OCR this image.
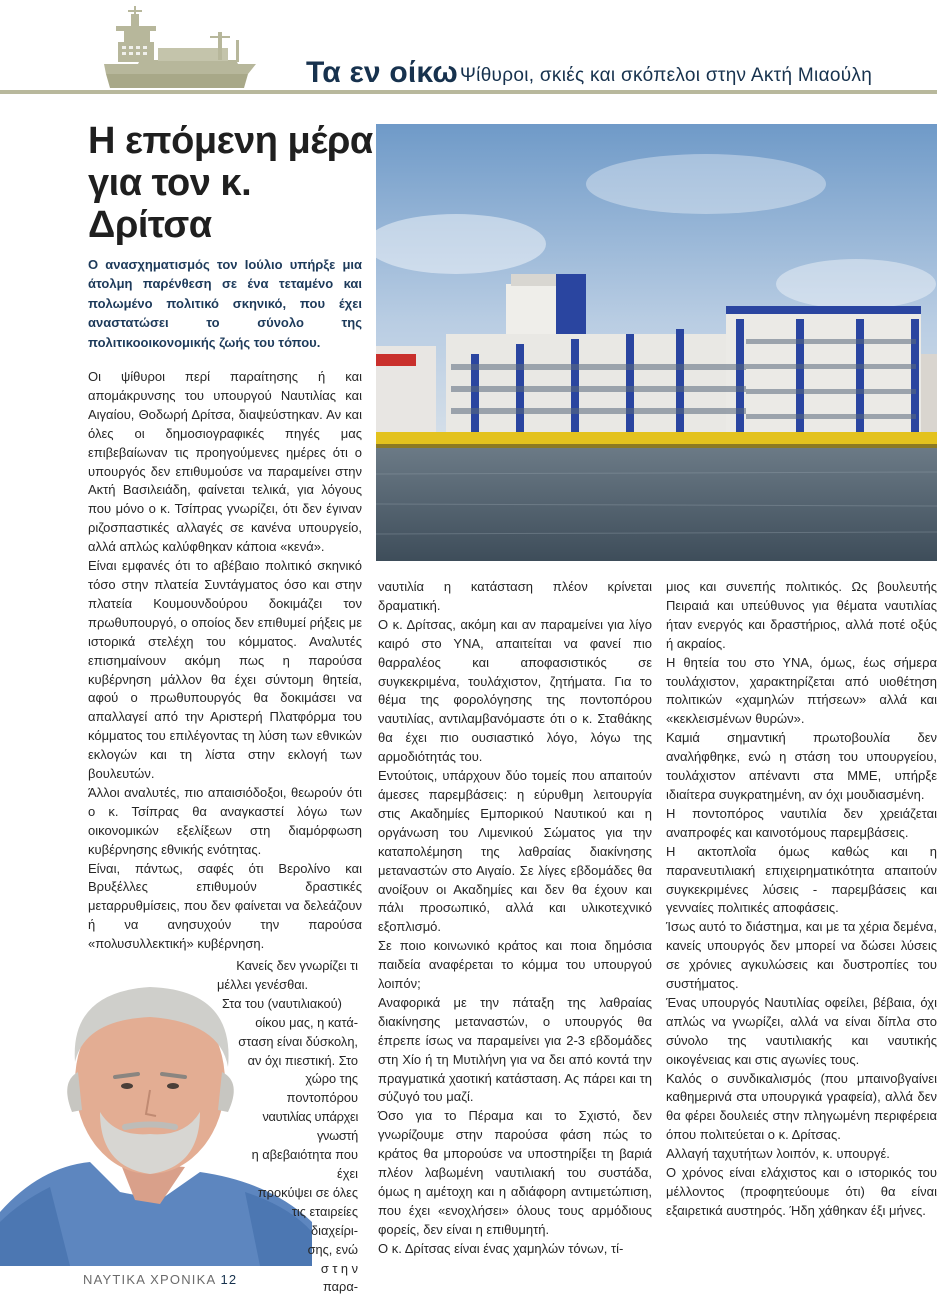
Τα εν οίκω Ψίθυροι, σκιές και σκόπελοι στην Ακτή Μιαούλη
Η επόμενη μέρα
για τον κ. Δρίτσα
Ο ανασχηματισμός τον Ιούλιο υπήρξε μια άτολμη παρένθεση σε ένα τεταμένο και πολωμένο πολιτικό σκηνικό, που έχει αναστατώσει το σύνολο της πολιτικοοικονομικής ζωής του τόπου.

Οι ψίθυροι περί παραίτησης ή και απομάκρυνσης του υπουργού Ναυτιλίας και Αιγαίου, Θοδωρή Δρίτσα, διαψεύστηκαν. Αν και όλες οι δημοσιογραφικές πηγές μας επιβεβαίωναν τις προηγούμενες ημέρες ότι ο υπουργός δεν επιθυμούσε να παραμείνει στην Ακτή Βασιλειάδη, φαίνεται τελικά, για λόγους που μόνο ο κ. Τσίπρας γνωρίζει, ότι δεν έγιναν ριζοσπαστικές αλλαγές σε κανένα υπουργείο, αλλά απλώς καλύφθηκαν κάποια «κενά».

Είναι εμφανές ότι το αβέβαιο πολιτικό σκηνικό τόσο στην πλατεία Συντάγματος όσο και στην πλατεία Κουμουνδούρου δοκιμάζει τον πρωθυπουργό, ο οποίος δεν επιθυμεί ρήξεις με ιστορικά στελέχη του κόμματος. Αναλυτές επισημαίνουν ακόμη πως η παρούσα κυβέρνηση μάλλον θα έχει σύντομη θητεία, αφού ο πρωθυπουργός θα δοκιμάσει να απαλλαγεί από την Αριστερή Πλατφόρμα του κόμματος του επιλέγοντας τη λύση των εθνικών εκλογών και τη λίστα στην εκλογή των βουλευτών.

Άλλοι αναλυτές, πιο απαισιόδοξοι, θεωρούν ότι ο κ. Τσίπρας θα αναγκαστεί λόγω των οικονομικών εξελίξεων στη διαμόρφωση κυβέρνησης εθνικής ενότητας.

Είναι, πάντως, σαφές ότι Βερολίνο και Βρυξέλλες επιθυμούν δραστικές μεταρρυθμίσεις, που δεν φαίνεται να δελεάζουν ή να ανησυχούν την παρούσα «πολυσυλλεκτική» κυβέρνηση.

Κανείς δεν γνωρίζει τι

μέλλει γενέσθαι.

Στα του (ναυτιλιακού)

οίκου μας, η κατά-

σταση είναι δύσκολη,

αν όχι πιεστική. Στο

χώρο της ποντοπόρου

ναυτιλίας υπάρχει γνωστή

η αβεβαιότητα που έχει

προκύψει σε όλες

τις εταιρείες

διαχείρι-

σης, ενώ

σ τ η ν

παρα-

ναυτιλία η κατάσταση πλέον κρίνεται δραματική.

Ο κ. Δρίτσας, ακόμη και αν παραμείνει για λίγο καιρό στο ΥΝΑ, απαιτείται να φανεί πιο θαρραλέος και αποφασιστικός σε συγκεκριμένα, τουλάχιστον, ζητήματα. Για το θέμα της φορολόγησης της ποντοπόρου ναυτιλίας, αντιλαμβανόμαστε ότι ο κ. Σταθάκης θα έχει πιο ουσιαστικό λόγο, λόγω της αρμοδιότητάς του.

Εντούτοις, υπάρχουν δύο τομείς που απαιτούν άμεσες παρεμβάσεις: η εύρυθμη λειτουργία στις Ακαδημίες Εμπορικού Ναυτικού και η οργάνωση του Λιμενικού Σώματος για την καταπολέμηση της λαθραίας διακίνησης μεταναστών στο Αιγαίο. Σε λίγες εβδομάδες θα ανοίξουν οι Ακαδημίες και δεν θα έχουν και πάλι προσωπικό, αλλά και υλικοτεχνικό εξοπλισμό.

Σε ποιο κοινωνικό κράτος και ποια δημόσια παιδεία αναφέρεται το κόμμα του υπουργού λοιπόν;

Αναφορικά με την πάταξη της λαθραίας διακίνησης μεταναστών, ο υπουργός θα έπρεπε ίσως να παραμείνει για 2-3 εβδομάδες στη Χίο ή τη Μυτιλήνη για να δει από κοντά την πραγματικά χαοτική κατάσταση. Ας πάρει και τη σύζυγό του μαζί.

Όσο για το Πέραμα και το Σχιστό, δεν γνωρίζουμε στην παρούσα φάση πώς το κράτος θα μπορούσε να υποστηρίξει τη βαριά πλέον λαβωμένη ναυτιλιακή του συστάδα, όμως η αμέτοχη και η αδιάφορη αντιμετώπιση, που έχει «ενοχλήσει» όλους τους αρμόδιους φορείς, δεν είναι η επιθυμητή.

Ο κ. Δρίτσας είναι ένας χαμηλών τόνων, τί-

μιος και συνεπής πολιτικός. Ως βουλευτής Πειραιά και υπεύθυνος για θέματα ναυτιλίας ήταν ενεργός και δραστήριος, αλλά ποτέ οξύς ή ακραίος.

Η θητεία του στο ΥΝΑ, όμως, έως σήμερα τουλάχιστον, χαρακτηρίζεται από υιοθέτηση πολιτικών «χαμηλών πτήσεων» αλλά και «κεκλεισμένων θυρών».

Καμιά σημαντική πρωτοβουλία δεν αναλήφθηκε, ενώ η στάση του υπουργείου, τουλάχιστον απέναντι στα ΜΜΕ, υπήρξε ιδιαίτερα συγκρατημένη, αν όχι μουδιασμένη.

Η ποντοπόρος ναυτιλία δεν χρειάζεται αναπροφές και καινοτόμους παρεμβάσεις.

Η ακτοπλοΐα όμως καθώς και η παρανευτιλιακή επιχειρηματικότητα απαιτούν συγκεκριμένες λύσεις - παρεμβάσεις και γενναίες πολιτικές αποφάσεις.

Ίσως αυτό το διάστημα, και με τα χέρια δεμένα, κανείς υπουργός δεν μπορεί να δώσει λύσεις σε χρόνιες αγκυλώσεις και δυστροπίες του συστήματος.

Ένας υπουργός Ναυτιλίας οφείλει, βέβαια, όχι απλώς να γνωρίζει, αλλά να είναι δίπλα στο σύνολο της ναυτιλιακής και ναυτικής οικογένειας και στις αγωνίες τους.

Καλός ο συνδικαλισμός (που μπαινοβγαίνει καθημερινά στα υπουργικά γραφεία), αλλά δεν θα φέρει δουλειές στην πληγωμένη περιφέρεια όπου πολιτεύεται ο κ. Δρίτσας.

Αλλαγή ταχυτήτων λοιπόν, κ. υπουργέ.

Ο χρόνος είναι ελάχιστος και ο ιστορικός του μέλλοντος (προφητεύουμε ότι) θα είναι εξαιρετικά αυστηρός. Ήδη χάθηκαν έξι μήνες.

ΝΑΥΤΙΚΑ ΧΡΟΝΙΚΑ 12
